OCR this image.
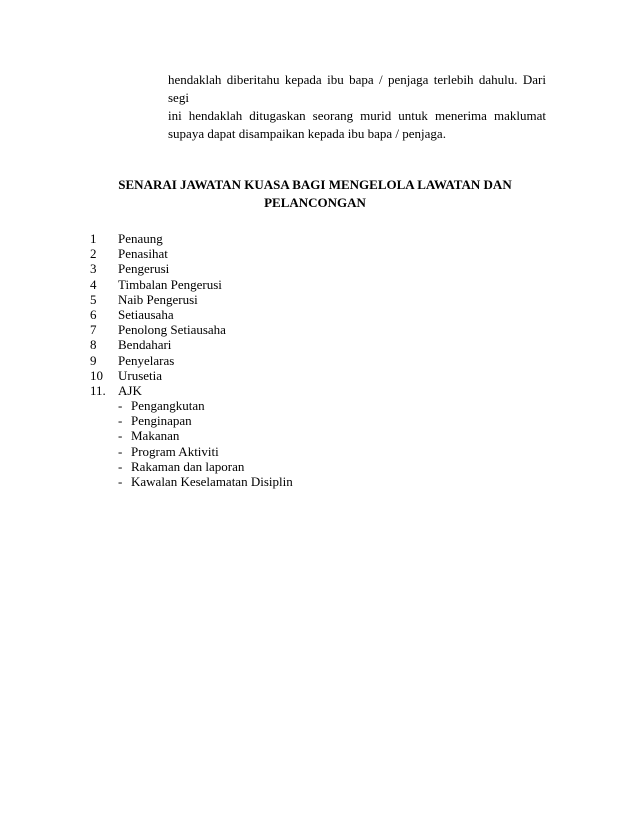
hendaklah diberitahu kepada ibu bapa / penjaga terlebih dahulu. Dari segi
ini hendaklah ditugaskan seorang murid untuk menerima maklumat
supaya dapat disampaikan kepada ibu bapa / penjaga.
SENARAI JAWATAN KUASA BAGI MENGELOLA LAWATAN DAN
PELANCONGAN
1 Penaung
2 Penasihat
3 Pengerusi
4 Timbalan Pengerusi
5 Naib Pengerusi
6 Setiausaha
7 Penolong Setiausaha
8 Bendahari
9 Penyelaras
10 Urusetia
11. AJK
- Pengangkutan
- Penginapan
- Makanan
- Program Aktiviti
- Rakaman dan laporan
- Kawalan Keselamatan Disiplin
